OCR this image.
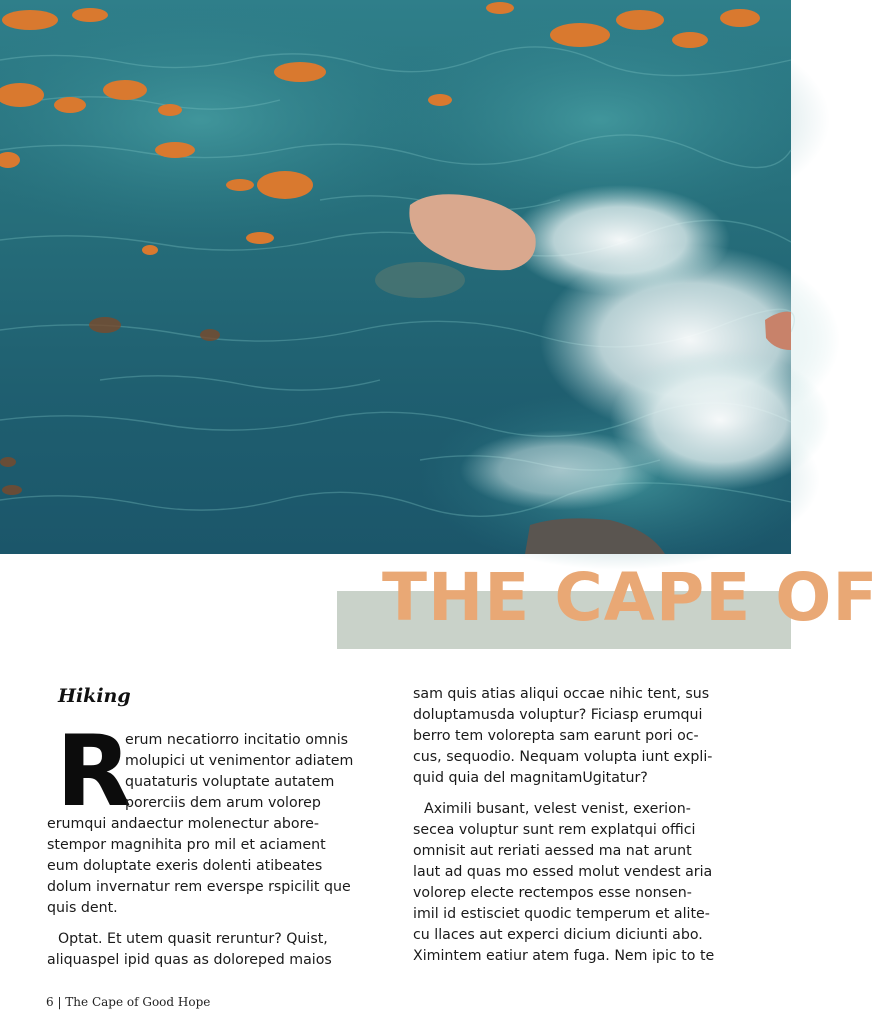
THE CAPE OF
Hiking
R
erum necatiorro incitatio omnis
molupici ut venimentor adiatem
quataturis voluptate autatem
porerciis dem arum volorep
erumqui andaectur molenectur abore-
stempor magnihita pro mil et aciament
eum doluptate exeris dolenti atibeates
dolum invernatur rem everspe rspicilit que
quis dent.
Optat. Et utem quasit reruntur? Quist,
aliquaspel ipid quas as doloreped maios
sam quis atias aliqui occae nihic tent, sus
doluptamusda voluptur? Ficiasp erumqui
berro tem volorepta sam earunt pori oc-
cus, sequodio. Nequam volupta iunt expli-
quid quia del magnitamUgitatur?
Aximili busant, velest venist, exerion-
secea voluptur sunt rem explatqui offici
omnisit aut reriati aessed ma nat arunt
laut ad quas mo essed molut vendest aria
volorep electe rectempos esse nonsen-
imil id estisciet quodic temperum et alite-
cu llaces aut experci dicium diciunti abo.
Ximintem eatiur atem fuga. Nem ipic to te
6 | The Cape of Good Hope
